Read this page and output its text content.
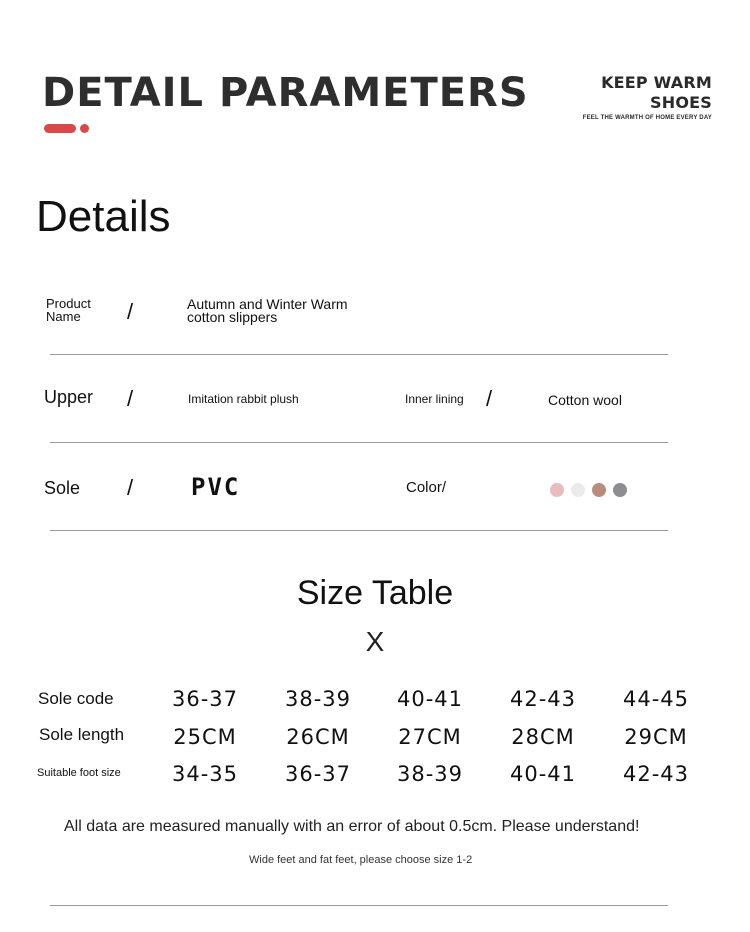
DETAIL PARAMETERS	KEEP WARM
SHOES
FEEL THE WARMTH OF HOME EVERY DAY
Details
Product Name	/	Autumn and Winter Warm cotton slippers
Upper /	Imitation rabbit plush	Inner lining /	Cotton wool
Sole / PVC	Color/
Size Table
X
Sole code	36-37	38-39	40-41	42-43	44-45
Sole length	25CM	26CM	27CM	28CM	29CM
Suitable foot size	34-35	36-37	38-39	40-41	42-43
All data are measured manually with an error of about 0.5cm. Please understand!
Wide feet and fat feet, please choose size 1-2
